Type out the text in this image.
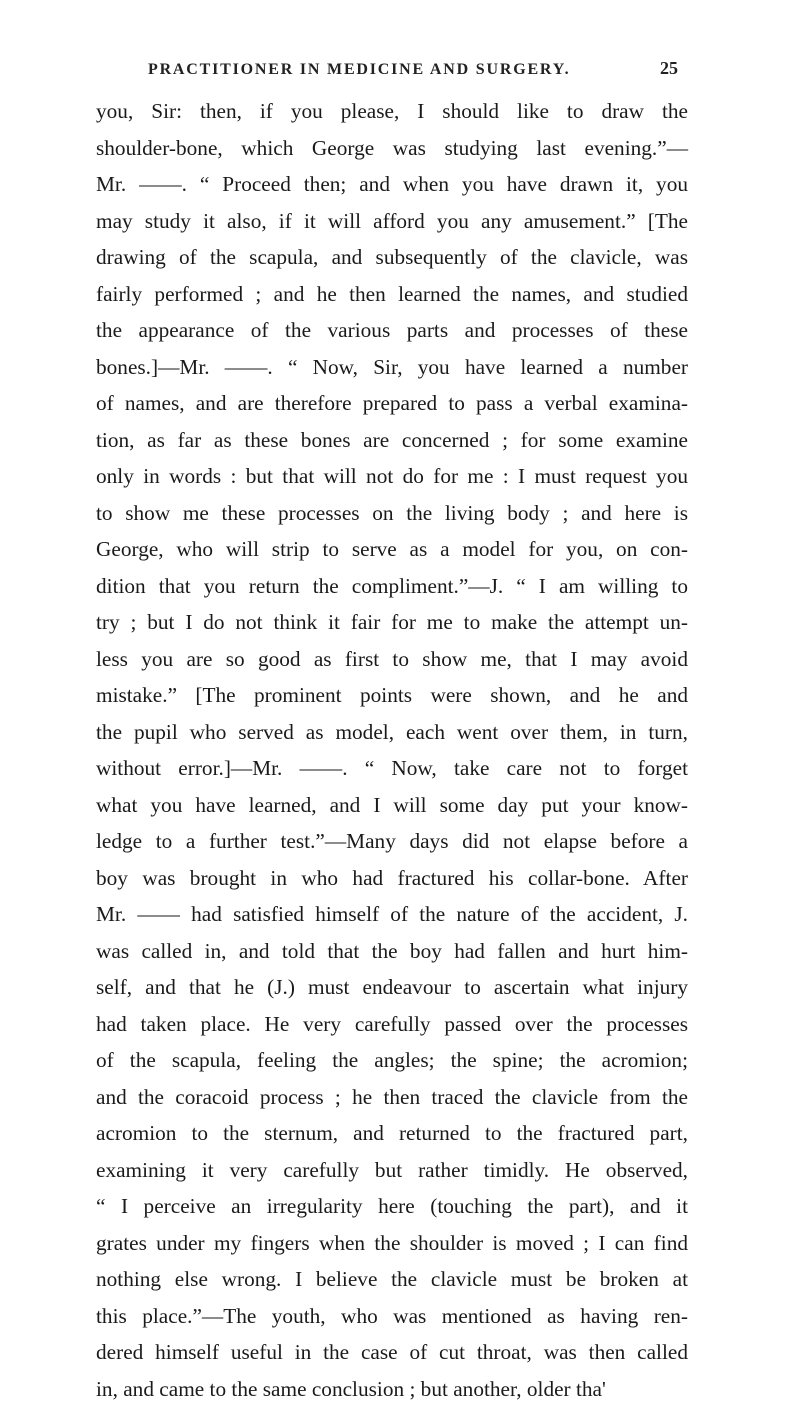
PRACTITIONER IN MEDICINE AND SURGERY.	25
you, Sir: then, if you please, I should like to draw the
shoulder-bone, which George was studying last evening.”—
Mr. ——. “ Proceed then; and when you have drawn it, you
may study it also, if it will afford you any amusement.” [The
drawing of the scapula, and subsequently of the clavicle, was
fairly performed ; and he then learned the names, and studied
the appearance of the various parts and processes of these
bones.]—Mr. ——. “ Now, Sir, you have learned a number
of names, and are therefore prepared to pass a verbal examina-
tion, as far as these bones are concerned ; for some examine
only in words : but that will not do for me : I must request you
to show me these processes on the living body ; and here is
George, who will strip to serve as a model for you, on con-
dition that you return the compliment.”—J. “ I am willing to
try ; but I do not think it fair for me to make the attempt un-
less you are so good as first to show me, that I may avoid
mistake.” [The prominent points were shown, and he and
the pupil who served as model, each went over them, in turn,
without error.]—Mr. ——. “ Now, take care not to forget
what you have learned, and I will some day put your know-
ledge to a further test.”—Many days did not elapse before a
boy was brought in who had fractured his collar-bone. After
Mr. —— had satisfied himself of the nature of the accident, J.
was called in, and told that the boy had fallen and hurt him-
self, and that he (J.) must endeavour to ascertain what injury
had taken place. He very carefully passed over the processes
of the scapula, feeling the angles; the spine; the acromion;
and the coracoid process ; he then traced the clavicle from the
acromion to the sternum, and returned to the fractured part,
examining it very carefully but rather timidly. He observed,
“ I perceive an irregularity here (touching the part), and it
grates under my fingers when the shoulder is moved ; I can find
nothing else wrong. I believe the clavicle must be broken at
this place.”—The youth, who was mentioned as having ren-
dered himself useful in the case of cut throat, was then called
in, and came to the same conclusion ; but another, older tha'
